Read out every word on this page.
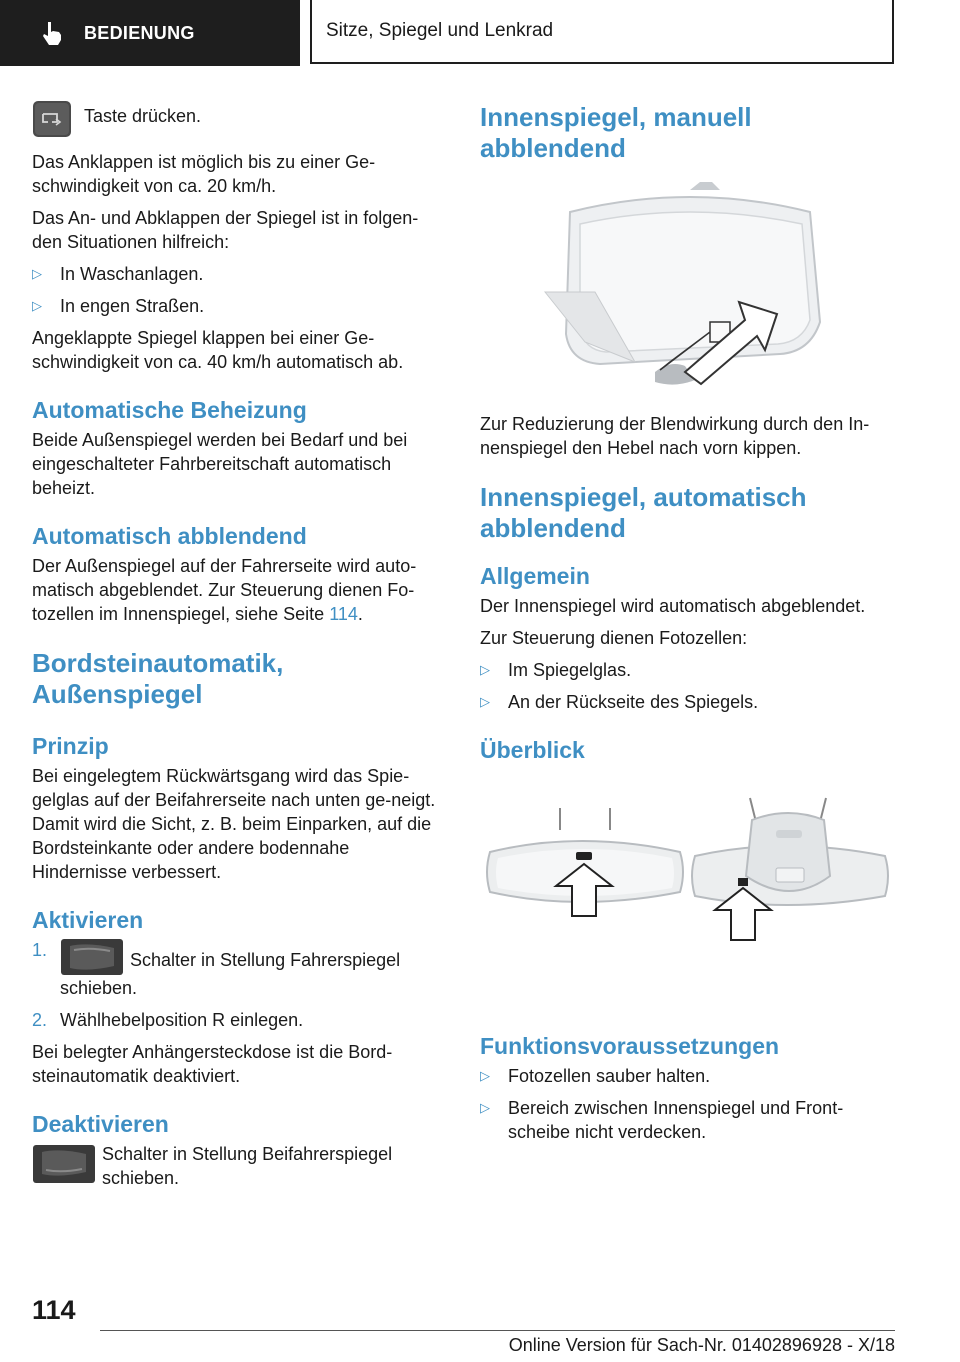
BEDIENUNG	Sitze, Spiegel und Lenkrad

Taste drücken.

Das Anklappen ist möglich bis zu einer Ge‐schwindigkeit von ca. 20 km/h.

Das An- und Abklappen der Spiegel ist in folgen‐den Situationen hilfreich:

▷	In Waschanlagen.
▷	In engen Straßen.

Angeklappte Spiegel klappen bei einer Ge‐schwindigkeit von ca. 40 km/h automatisch ab.

Automatische Beheizung

Beide Außenspiegel werden bei Bedarf und bei eingeschalteter Fahrbereitschaft automatisch beheizt.

Automatisch abblendend

Der Außenspiegel auf der Fahrerseite wird auto‐matisch abgeblendet. Zur Steuerung dienen Fo‐tozellen im Innenspiegel, siehe Seite 114.

Bordsteinautomatik, Außenspiegel
Prinzip

Bei eingelegtem Rückwärtsgang wird das Spie‐gelglas auf der Beifahrerseite nach unten ge‐neigt. Damit wird die Sicht, z. B. beim Einparken, auf die Bordsteinkante oder andere bodennahe Hindernisse verbessert.

Aktivieren
1.	Schalter in Stellung Fahrerspiegel schieben.
2. Wählhebelposition R einlegen.

Bei belegter Anhängersteckdose ist die Bord‐steinautomatik deaktiviert.

Deaktivieren

Schalter in Stellung Beifahrerspiegel schieben.

Innenspiegel, manuell abblendend

Zur Reduzierung der Blendwirkung durch den In‐nenspiegel den Hebel nach vorn kippen.

Innenspiegel, automatisch abblendend
Allgemein

Der Innenspiegel wird automatisch abgeblendet.

Zur Steuerung dienen Fotozellen:

▷	Im Spiegelglas.
▷	An der Rückseite des Spiegels.
Überblick
Funktionsvoraussetzungen
▷	Fotozellen sauber halten.
▷	Bereich zwischen Innenspiegel und Front‐scheibe nicht verdecken.
114
Online Version für Sach-Nr. 01402896928 - X/18
